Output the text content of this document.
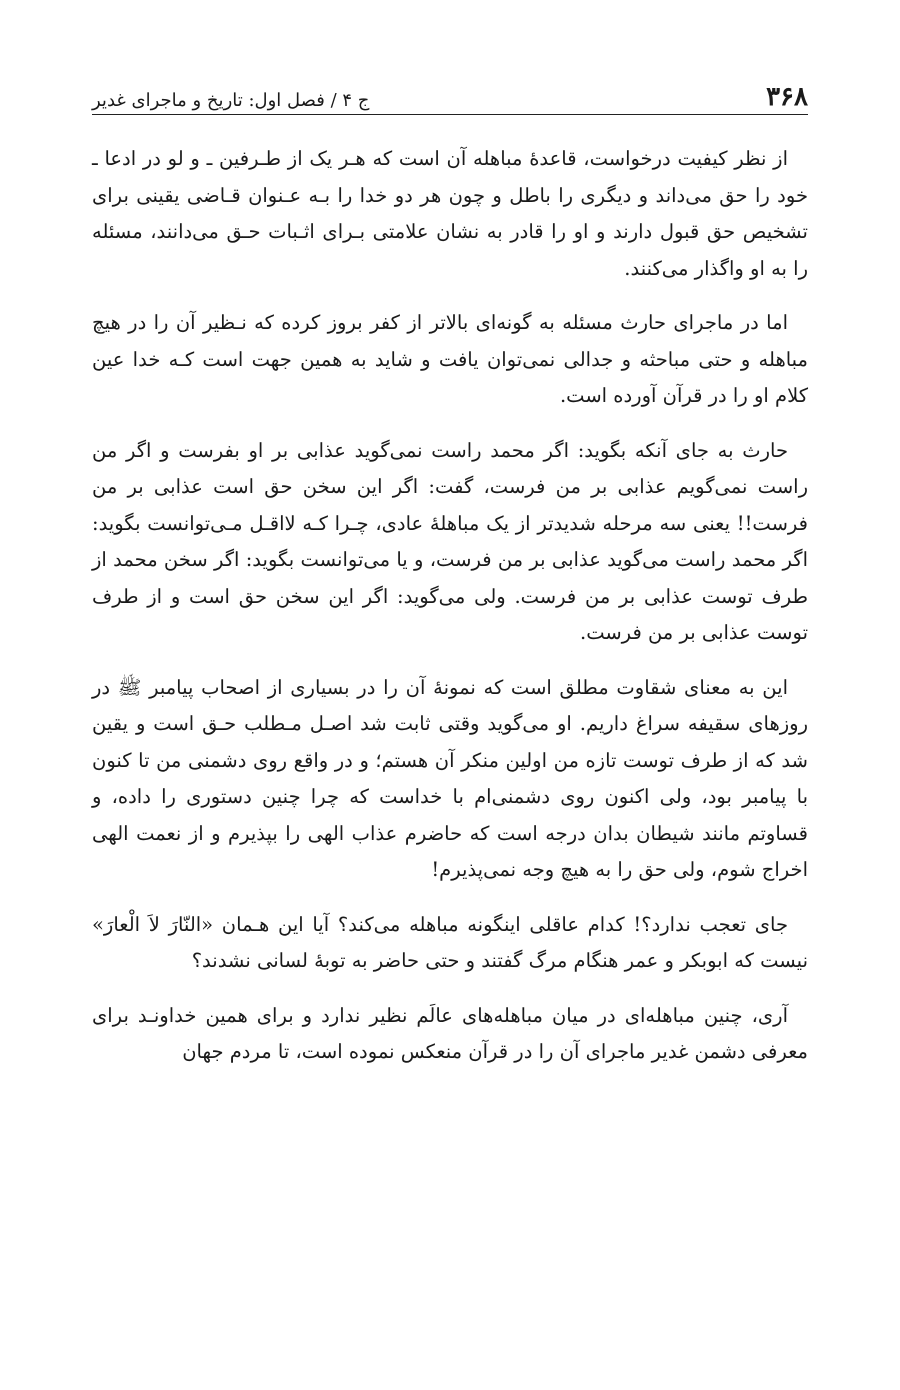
۳۶۸
ج ۴ / فصل اول: تاریخ و ماجرای غدیر

از نظر کیفیت درخواست، قاعدهٔ مباهله آن است که هـر یک از طـرفین ـ و لو در ادعا ـ خود را حق می‌داند و دیگری را باطل و چون هر دو خدا را بـه عـنوان قـاضی یقینی برای تشخیص حق قبول دارند و او را قادر به نشان علامتی بـرای اثـبات حـق می‌دانند، مسئله را به او واگذار می‌کنند.

اما در ماجرای حارث مسئله به گونه‌ای بالاتر از کفر بروز کرده که نـظیر آن را در هیچ مباهله و حتی مباحثه و جدالی نمی‌توان یافت و شاید به همین جهت است کـه خدا عین کلام او را در قرآن آورده است.

حارث به جای آنکه بگوید: اگر محمد راست نمی‌گوید عذابی بر او بفرست و اگر من راست نمی‌گویم عذابی بر من فرست، گفت: اگر این سخن حق است عذابی بر من فرست!! یعنی سه مرحله شدیدتر از یک مباهلهٔ عادی، چـرا کـه لااقـل مـی‌توانست بگوید: اگر محمد راست می‌گوید عذابی بر من فرست، و یا می‌توانست بگوید: اگر سخن محمد از طرف توست عذابی بر من فرست. ولی می‌گوید: اگر این سخن حق است و از طرف توست عذابی بر من فرست.

این به معنای شقاوت مطلق است که نمونهٔ آن را در بسیاری از اصحاب پیامبر ﷺ در روزهای سقیفه سراغ داریم. او می‌گوید وقتی ثابت شد اصـل مـطلب حـق است و یقین شد که از طرف توست تازه من اولین منکر آن هستم؛ و در واقع روی دشمنی من تا کنون با پیامبر بود، ولی اکنون روی دشمنی‌ام با خداست که چرا چنین دستوری را داده، و قساوتم مانند شیطان بدان درجه است که حاضرم عذاب الهی را بپذیرم و از نعمت الهی اخراج شوم، ولی حق را به هیچ وجه نمی‌پذیرم!

جای تعجب ندارد؟! کدام عاقلی اینگونه مباهله می‌کند؟ آیا این هـمان «النّارَ لاَ الْعارَ» نیست که ابوبکر و عمر هنگام مرگ گفتند و حتی حاضر به توبهٔ لسانی نشدند؟

آری، چنین مباهله‌ای در میان مباهله‌های عالَم نظیر ندارد و برای همین خداونـد برای معرفی دشمن غدیر ماجرای آن را در قرآن منعکس نموده است، تا مردم جهان
